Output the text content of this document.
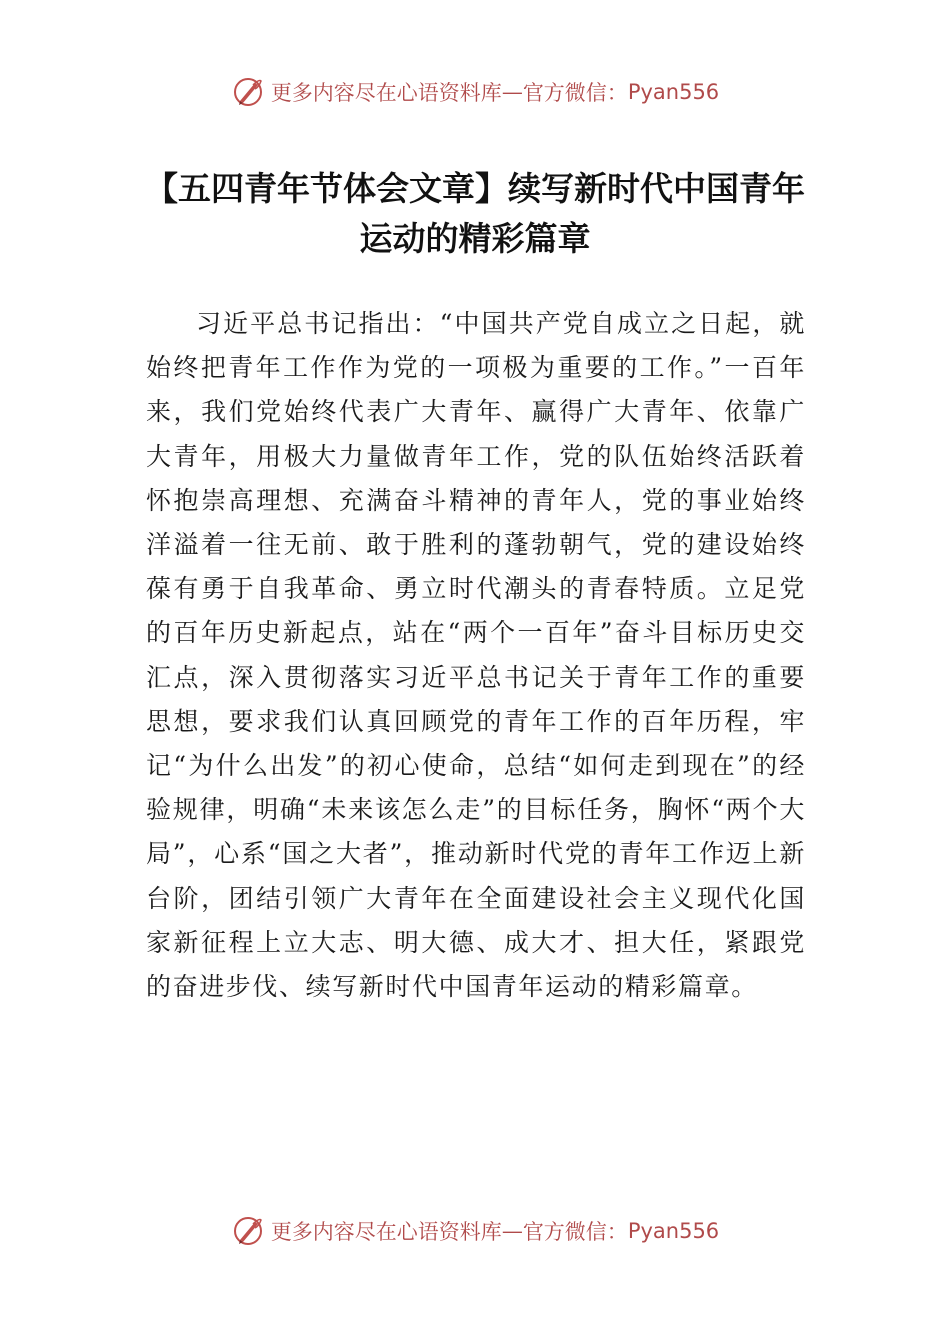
更多内容尽在心语资料库 — 官方微信： Pyan556
【五四青年节体会文章】续写新时代中国青年运动的精彩篇章

习近平总书记指出：“中国共产党自成立之日起，就始终把青年工作作为党的一项极为重要的工作。”一百年来，我们党始终代表广大青年、赢得广大青年、依靠广大青年，用极大力量做青年工作，党的队伍始终活跃着怀抱崇高理想、充满奋斗精神的青年人，党的事业始终洋溢着一往无前、敢于胜利的蓬勃朝气，党的建设始终葆有勇于自我革命、勇立时代潮头的青春特质。立足党的百年历史新起点，站在“两个一百年”奋斗目标历史交汇点，深入贯彻落实习近平总书记关于青年工作的重要思想，要求我们认真回顾党的青年工作的百年历程，牢记“为什么出发”的初心使命，总结“如何走到现在”的经验规律，明确“未来该怎么走”的目标任务，胸怀“两个大局”，心系“国之大者”，推动新时代党的青年工作迈上新台阶，团结引领广大青年在全面建设社会主义现代化国家新征程上立大志、明大德、成大才、担大任，紧跟党的奋进步伐、续写新时代中国青年运动的精彩篇章。

更多内容尽在心语资料库 — 官方微信： Pyan556
